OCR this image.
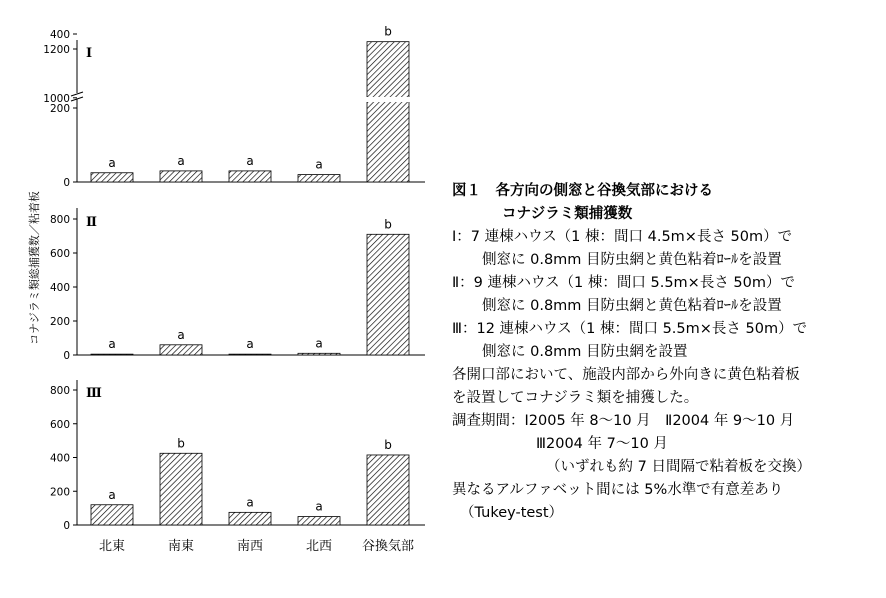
コナジラミ類総捕獲数／粘着板
0
200
400
1000
1200 Ⅰ
a	a	a	a
b
0
200
400
600
800 Ⅱ
a
a
a	a
b
0
200
400
600
800 Ⅲ
a
b
a	a
b
北東	南東	南西	北西 谷換気部
図１　各方向の側窓と谷換気部における
コナジラミ類捕獲数
Ⅰ：7 連棟ハウス（1 棟：間口 4.5m×長さ 50m）で
側窓に 0.8mm 目防虫網と黄色粘着ﾛｰﾙを設置
Ⅱ：9 連棟ハウス（1 棟：間口 5.5m×長さ 50m）で
側窓に 0.8mm 目防虫網と黄色粘着ﾛｰﾙを設置
Ⅲ：12 連棟ハウス（1 棟：間口 5.5m×長さ 50m）で
側窓に 0.8mm 目防虫網を設置
各開口部において、施設内部から外向きに黄色粘着板
を設置してコナジラミ類を捕獲した。
調査期間：Ⅰ2005 年 8～10 月　Ⅱ2004 年 9～10 月
Ⅲ2004 年 7～10 月
（いずれも約 7 日間隔で粘着板を交換）
異なるアルファベット間には 5%水準で有意差あり
（Tukey-test）
